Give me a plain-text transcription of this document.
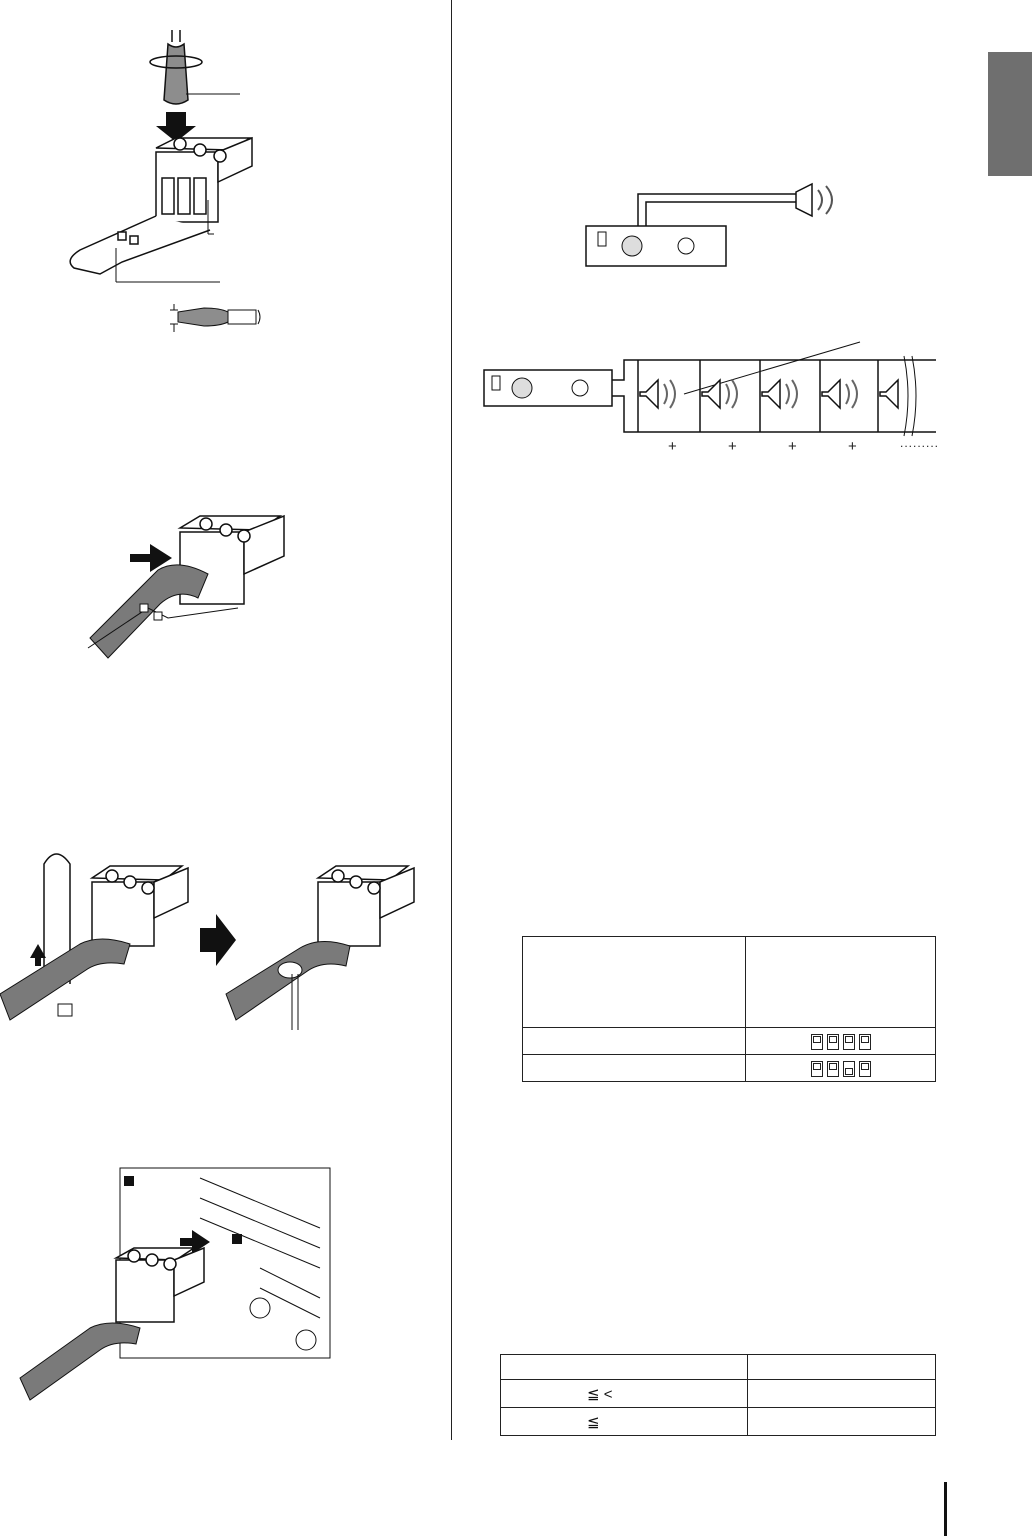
+	+	+	+	.........

≦ <	
≦	
